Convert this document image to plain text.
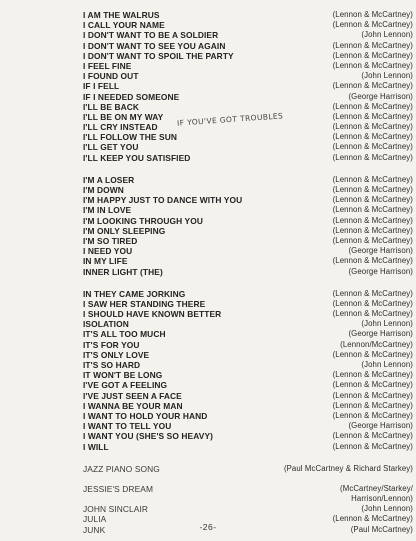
I AM THE WALRUS	(Lennon & McCartney)
I CALL YOUR NAME	(Lennon & McCartney)
I DON'T WANT TO BE A SOLDIER	(John Lennon)
I DON'T WANT TO SEE YOU AGAIN	(Lennon & McCartney)
I DON'T WANT TO SPOIL THE PARTY	(Lennon & McCartney)
I FEEL FINE	(Lennon & McCartney)
I FOUND OUT	(John Lennon)
IF I FELL	(Lennon & McCartney)
IF I NEEDED SOMEONE	(George Harrison)
I'LL BE BACK	(Lennon & McCartney)
I'LL BE ON MY WAY	(Lennon & McCartney)
I'LL CRY INSTEAD	(Lennon & McCartney)
I'LL FOLLOW THE SUN	(Lennon & McCartney)
I'LL GET YOU	(Lennon & McCartney)
I'LL KEEP YOU SATISFIED	(Lennon & McCartney)
I'M A LOSER	(Lennon & McCartney)
I'M DOWN	(Lennon & McCartney)
I'M HAPPY JUST TO DANCE WITH YOU	(Lennon & McCartney)
I'M IN LOVE	(Lennon & McCartney)
I'M LOOKING THROUGH YOU	(Lennon & McCartney)
I'M ONLY SLEEPING	(Lennon & McCartney)
I'M SO TIRED	(Lennon & McCartney)
I NEED YOU	(George Harrison)
IN MY LIFE	(Lennon & McCartney)
INNER LIGHT (THE)	(George Harrison)
IN THEY CAME JORKING	(Lennon & McCartney)
I SAW HER STANDING THERE	(Lennon & McCartney)
I SHOULD HAVE KNOWN BETTER	(Lennon & McCartney)
ISOLATION	(John Lennon)
IT'S ALL TOO MUCH	(George Harrison)
IT'S FOR YOU	(Lennon/McCartney)
IT'S ONLY LOVE	(Lennon & McCartney)
IT'S SO HARD	(John Lennon)
IT WON'T BE LONG	(Lennon & McCartney)
I'VE GOT A FEELING	(Lennon & McCartney)
I'VE JUST SEEN A FACE	(Lennon & McCartney)
I WANNA BE YOUR MAN	(Lennon & McCartney)
I WANT TO HOLD YOUR HAND	(Lennon & McCartney)
I WANT TO TELL YOU	(George Harrison)
I WANT YOU (SHE'S SO HEAVY)	(Lennon & McCartney)
I WILL	(Lennon & McCartney)
JAZZ PIANO SONG	(Paul McCartney & Richard Starkey)
JESSIE'S DREAM	(McCartney/Starkey/
Harrison/Lennon)
JOHN SINCLAIR	(John Lennon)
JULIA	(Lennon & McCartney)
JUNK	(Paul McCartney)
IF YOU'VE GOT TROUBLES
-26-
